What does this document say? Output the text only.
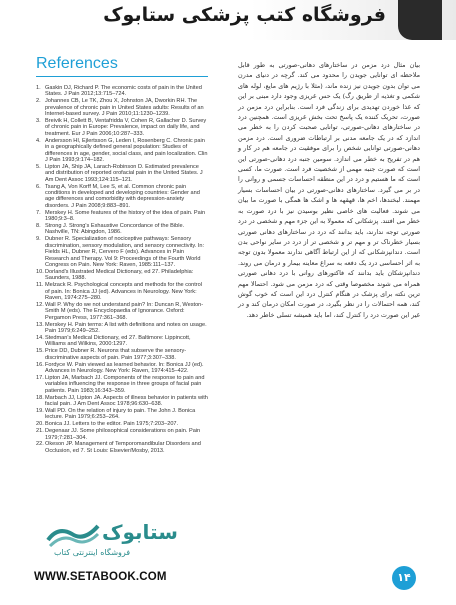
فروشگاه کتب پزشکی ستابوک
References
1. Gaskin DJ, Richard P. The economic costs of pain in the United States. J Pain 2012;13:715–724.
2. Johannes CB, Le TK, Zhou X, Johnston JA, Dworkin RH. The prevalence of chronic pain in United States adults: Results of an Internet-based survey. J Pain 2010;11:1230–1239.
3. Breivik H, Collett B, Ventafridda V, Cohen R, Gallacher D. Survey of chronic pain in Europe: Prevalence, impact on daily life, and treatment. Eur J Pain 2006;10:287–333.
4. Andersson HI, Ejlertsson G, Leden I, Rosenberg C. Chronic pain in a geographically defined general population: Studies of differences in age, gender, social class, and pain localization. Clin J Pain 1993;9:174–182.
5. Lipton JA, Ship JA, Larach-Robinson D. Estimated prevalence and distribution of reported orofacial pain in the United States. J Am Dent Assoc 1993;124:115–121.
6. Tsang A, Von Korff M, Lee S, et al. Common chronic pain conditions in developed and developing countries: Gender and age differences and comorbidity with depression-anxiety disorders. J Pain 2008;9:883–891.
7. Merskey H. Some features of the history of the idea of pain. Pain 1980;9:3–8.
8. Strong J. Strong's Exhaustive Concordance of the Bible. Nashville, TN: Abingdon, 1986.
9. Dubner R. Specialization of nociceptive pathways: Sensory discrimination, sensory modulation, and sensory connectivity. In: Fields HL, Dubner R, Cervero F (eds). Advances in Pain Research and Therapy. Vol 9: Proceedings of the Fourth World Congress on Pain. New York: Raven, 1985:111–137.
10. Dorland's Illustrated Medical Dictionary, ed 27. Philadelphia: Saunders, 1988.
11. Melzack R. Psychological concepts and methods for the control of pain. In: Bonica JJ (ed). Advances in Neurology. New York: Raven, 1974:275–280.
12. Wall P. Why do we not understand pain? In: Duncan R, Weston-Smith M (eds). The Encyclopaedia of Ignorance. Oxford: Pergamon Press, 1977:361–368.
13. Merskey H. Pain terms: A list with definitions and notes on usage. Pain 1979;6:249–252.
14. Stedman's Medical Dictionary, ed 27. Baltimore: Lippincott, Williams and Wilkins, 2000:1297.
15. Price DD, Dubner R. Neurons that subserve the sensory-discriminative aspects of pain. Pain 1977;3:307–338.
16. Fordyce W. Pain viewed as learned behavior. In: Bonica JJ (ed). Advances in Neurology. New York: Raven, 1974:415–422.
17. Lipton JA, Marbach JJ. Components of the response to pain and variables influencing the response in three groups of facial pain patients. Pain 1983;16:343–359.
18. Marbach JJ, Lipton JA. Aspects of illness behavior in patients with facial pain. J Am Dent Assoc 1978;96:630–638.
19. Wall PD. On the relation of injury to pain. The John J. Bonica lecture. Pain 1979;6:253–264.
20. Bonica JJ. Letters to the editor. Pain 1975;7:203–207.
21. Degenaar JJ. Some philosophical considerations on pain. Pain 1979;7:281–304.
22. Okeson JP. Management of Temporomandibular Disorders and Occlusion, ed 7. St Louis: Elsevier/Mosby, 2013.

بیان مثال درد مزمن در ساختارهای دهانی-صورتی به طور قابل ملاحظه ای توانایی جویدن را محدود می کند. گرچه در دنیای مدرن می توان بدون جویدن نیز زنده ماند، (مثلا با رژیم های مایع، لوله های شکمی و تغذیه از طریق رگ) یک حس غریزی وجود دارد مبنی بر این که غذا خوردن تهدیدی برای زندگی فرد است. بنابراین درد مزمن در صورت، تحریک کننده یک پاسخ تحت بخش غریزی است. همچنین درد در ساختارهای دهانی-صورتی، توانایی صحبت کردن را به خطر می اندازد که در یک جامعه مدنی بر ارتباطات ضروری است. درد مزمن دهانی-صورتی توانایی شخص را برای موفقیت در جامعه هم در کار و هم در تفریح به خطر می اندازد. سومین جنبه درد دهانی-صورتی این است که صورت جنبه مهمی از شخصیت فرد است. صورت ما، کسی است که ما هستیم و درد در این منطقه احساسات جسمی و روانی را در بر می گیرد. ساختارهای دهانی-صورتی در بیان احساسات بسیار مهمند. لبخندها، اخم ها، قهقهه ها و اشک ها همگی با صورت ما بیان می شوند. فعالیت های خاصی نظیر بوسیدن نیز با درد صورت به خطر می افتند. پزشکانی که معمولا به این جزء مهم و شخصی در درد صورتی توجه ندارند، باید بدانند که درد در ساختارهای دهانی صورتی بسیار خطرناک تر و مهم تر و شخصی تر از درد در سایر نواحی بدن است. دندانپزشکانی که از این ارتباط آگاهی ندارند معمولا بدون توجه به اثر احساسی درد یک دفعه به سراغ معاینه بیمار و درمان می روند. دندانپزشکان باید بدانند که فاکتورهای روانی با درد دهانی صورتی همراه می شوند مخصوصا وقتی که درد مزمن می شود. احتمالا مهم ترین نکته برای پزشک در هنگام کنترل درد این است که خوب گوش کند، همه احتمالات را در نظر بگیرد، در صورت امکان درمان کند و در غیر این صورت درد را کنترل کند، اما باید همیشه تسلی خاطر دهد.

ستابوک
فروشگاه اینترنتی کتاب
WWW.SETABOOK.COM	۱۴
